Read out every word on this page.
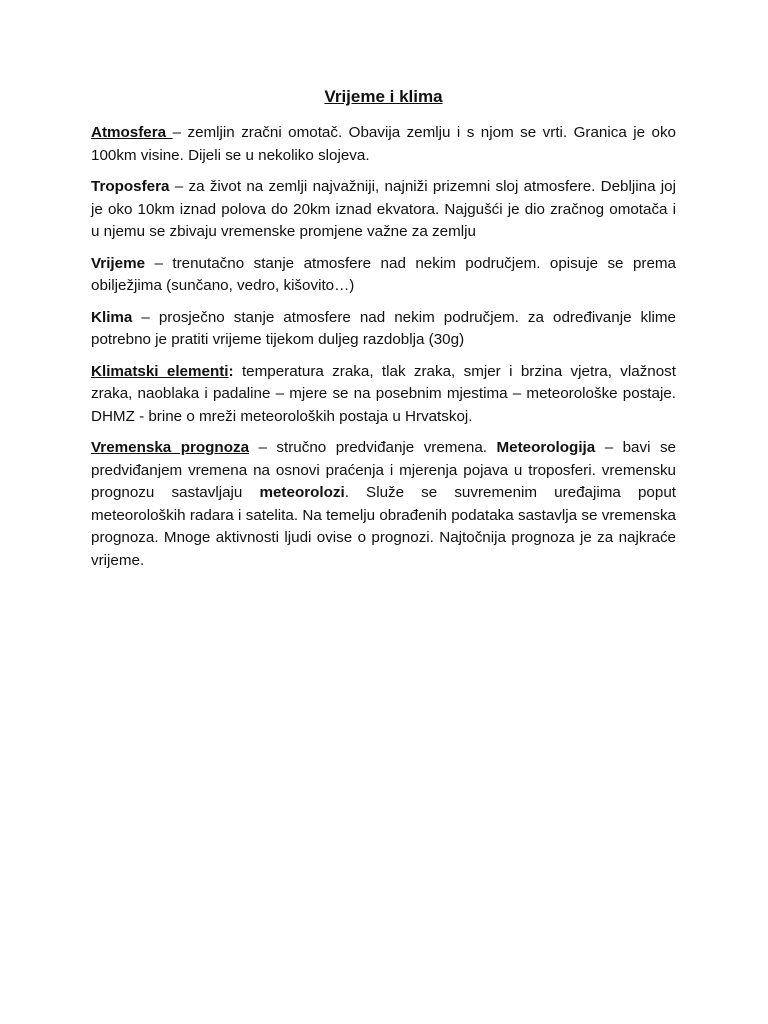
Vrijeme i klima

Atmosfera – zemljin zračni omotač. Obavija zemlju i s njom se vrti. Granica je oko 100km visine. Dijeli se u nekoliko slojeva.

Troposfera – za život na zemlji najvažniji, najniži prizemni sloj atmosfere. Debljina joj je oko 10km iznad polova do 20km iznad ekvatora. Najgušći je dio zračnog omotača i u njemu se zbivaju vremenske promjene važne za zemlju

Vrijeme – trenutačno stanje atmosfere nad nekim područjem. opisuje se prema obilježjima (sunčano, vedro, kišovito…)

Klima – prosječno stanje atmosfere nad nekim područjem. za određivanje klime potrebno je pratiti vrijeme tijekom duljeg razdoblja (30g)

Klimatski elementi: temperatura zraka, tlak zraka, smjer i brzina vjetra, vlažnost zraka, naoblaka i padaline – mjere se na posebnim mjestima – meteorološke postaje. DHMZ - brine o mreži meteoroloških postaja u Hrvatskoj.

Vremenska prognoza – stručno predviđanje vremena. Meteorologija – bavi se predviđanjem vremena na osnovi praćenja i mjerenja pojava u troposferi. vremensku prognozu sastavljaju meteorolozi. Služe se suvremenim uređajima poput meteoroloških radara i satelita. Na temelju obrađenih podataka sastavlja se vremenska prognoza. Mnoge aktivnosti ljudi ovise o prognozi. Najtočnija prognoza je za najkraće vrijeme.
